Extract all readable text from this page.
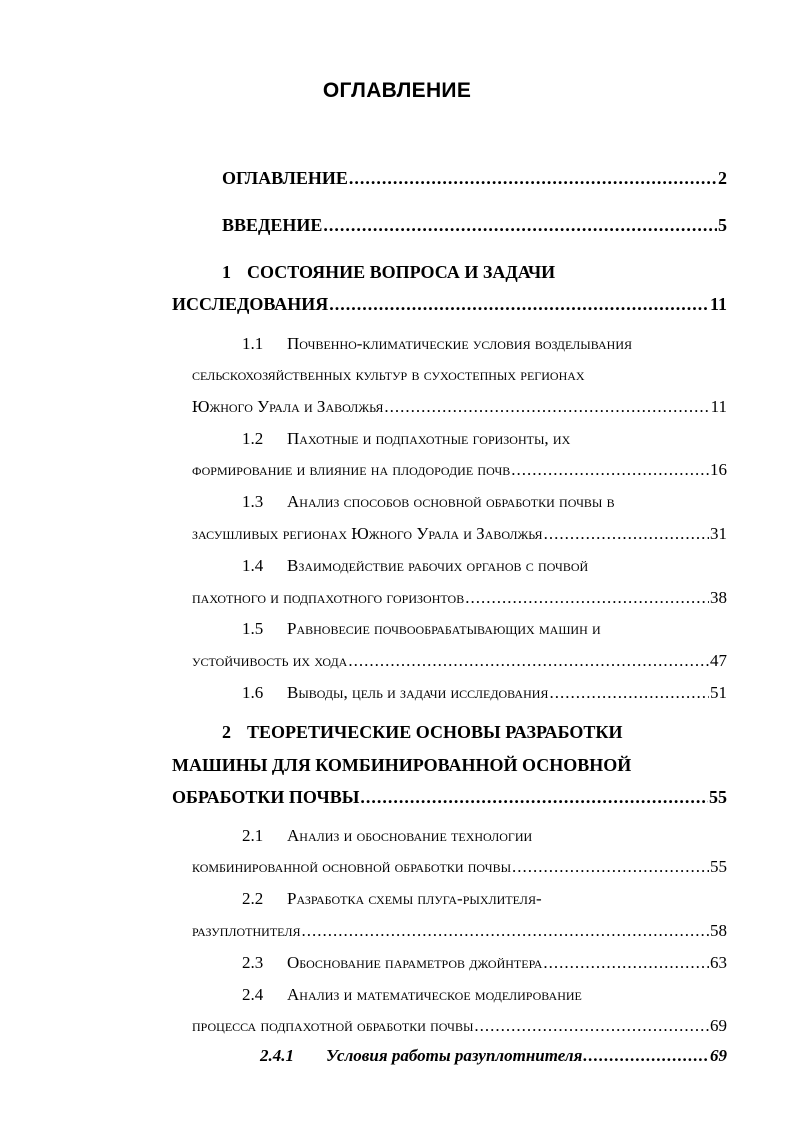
ОГЛАВЛЕНИЕ
ОГЛАВЛЕНИЕ .....	2
ВВЕДЕНИЕ .....	5
1 СОСТОЯНИЕ ВОПРОСА И ЗАДАЧИ
ИССЛЕДОВАНИЯ .....	11
1.1	Почвенно-климатические условия возделывания
сельскохозяйственных культур в сухостепных регионах
Южного Урала и Заволжья .....	11
1.2	Пахотные и подпахотные горизонты, их
формирование и влияние на плодородие почв .....	16
1.3	Анализ способов основной обработки почвы в
засушливых регионах Южного Урала и Заволжья .....	31
1.4	Взаимодействие рабочих органов с почвой
пахотного и подпахотного горизонтов .....	38
1.5	Равновесие почвообрабатывающих машин и
устойчивость их хода .....	47
1.6	Выводы, цель и задачи исследования .....	51
2 ТЕОРЕТИЧЕСКИЕ ОСНОВЫ РАЗРАБОТКИ
МАШИНЫ ДЛЯ КОМБИНИРОВАННОЙ ОСНОВНОЙ
ОБРАБОТКИ ПОЧВЫ .....	55
2.1	Анализ и обоснование технологии
комбинированной основной обработки почвы .....	55
2.2	Разработка схемы плуга-рыхлителя-
разуплотнителя .....	58
2.3	Обоснование параметров джойнтера .....	63
2.4	Анализ и математическое моделирование
процесса подпахотной обработки почвы .....	69
2.4.1	Условия работы разуплотнителя .....	69
